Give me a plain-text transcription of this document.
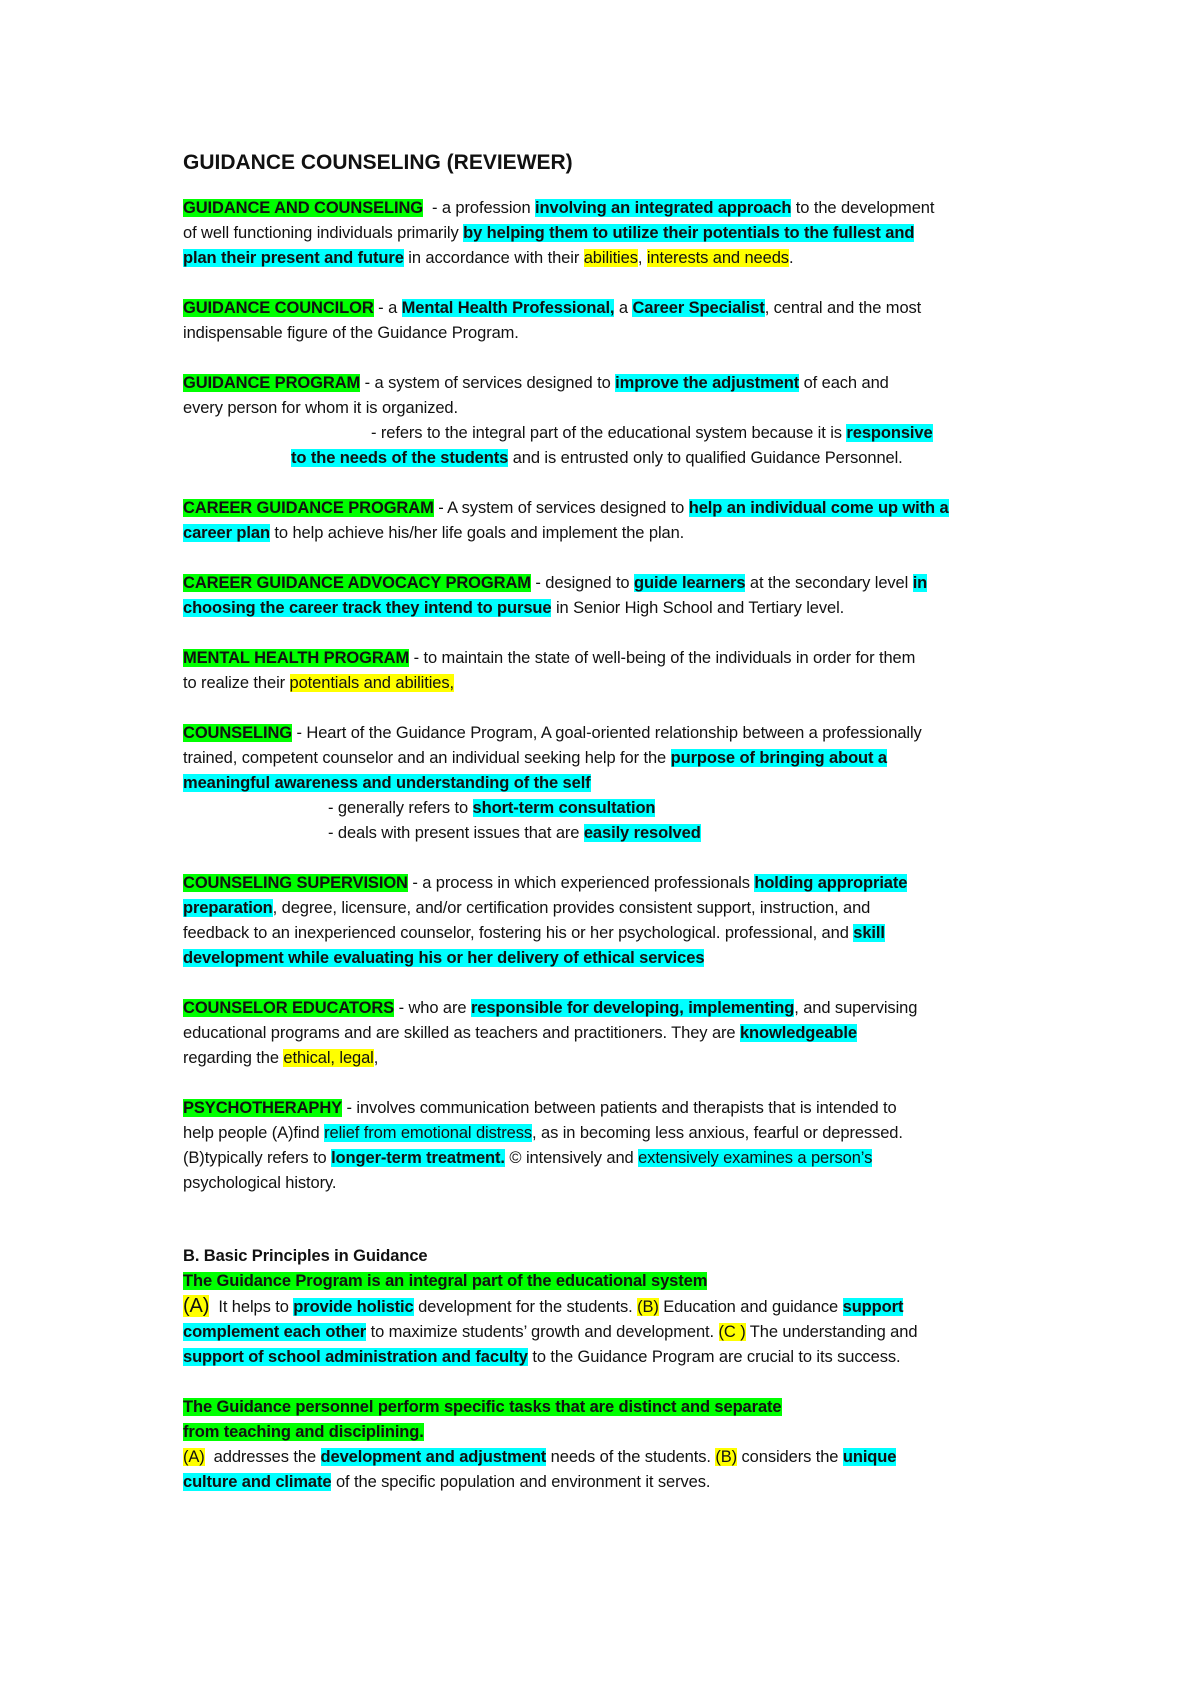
GUIDANCE COUNSELING (REVIEWER)
GUIDANCE AND COUNSELING  - a profession involving an integrated approach to the development
of well functioning individuals primarily by helping them to utilize their potentials to the fullest and
plan their present and future in accordance with their abilities, interests and needs.
GUIDANCE COUNCILOR - a Mental Health Professional, a Career Specialist, central and the most
indispensable figure of the Guidance Program.
GUIDANCE PROGRAM - a system of services designed to improve the adjustment of each and
every person for whom it is organized.
- refers to the integral part of the educational system because it is responsive
to the needs of the students and is entrusted only to qualified Guidance Personnel.
CAREER GUIDANCE PROGRAM - A system of services designed to help an individual come up with a
career plan to help achieve his/her life goals and implement the plan.
CAREER GUIDANCE ADVOCACY PROGRAM - designed to guide learners at the secondary level in
choosing the career track they intend to pursue in Senior High School and Tertiary level.
MENTAL HEALTH PROGRAM - to maintain the state of well-being of the individuals in order for them
to realize their potentials and abilities,
COUNSELING - Heart of the Guidance Program, A goal-oriented relationship between a professionally
trained, competent counselor and an individual seeking help for the purpose of bringing about a
meaningful awareness and understanding of the self
- generally refers to short-term consultation
- deals with present issues that are easily resolved
COUNSELING SUPERVISION - a process in which experienced professionals holding appropriate
preparation, degree, licensure, and/or certification provides consistent support, instruction, and
feedback to an inexperienced counselor, fostering his or her psychological. professional, and skill
development while evaluating his or her delivery of ethical services
COUNSELOR EDUCATORS - who are responsible for developing, implementing, and supervising
educational programs and are skilled as teachers and practitioners. They are knowledgeable
regarding the ethical, legal,
PSYCHOTHERAPHY - involves communication between patients and therapists that is intended to
help people (A)find relief from emotional distress, as in becoming less anxious, fearful or depressed.
(B)typically refers to longer-term treatment. © intensively and extensively examines a person’s
psychological history.
B. Basic Principles in Guidance
The Guidance Program is an integral part of the educational system
(A)  It helps to provide holistic development for the students. (B) Education and guidance support
complement each other to maximize students’ growth and development. (C ) The understanding and
support of school administration and faculty to the Guidance Program are crucial to its success.
The Guidance personnel perform specific tasks that are distinct and separate
from teaching and disciplining.
(A)  addresses the development and adjustment needs of the students. (B) considers the unique
culture and climate of the specific population and environment it serves.
